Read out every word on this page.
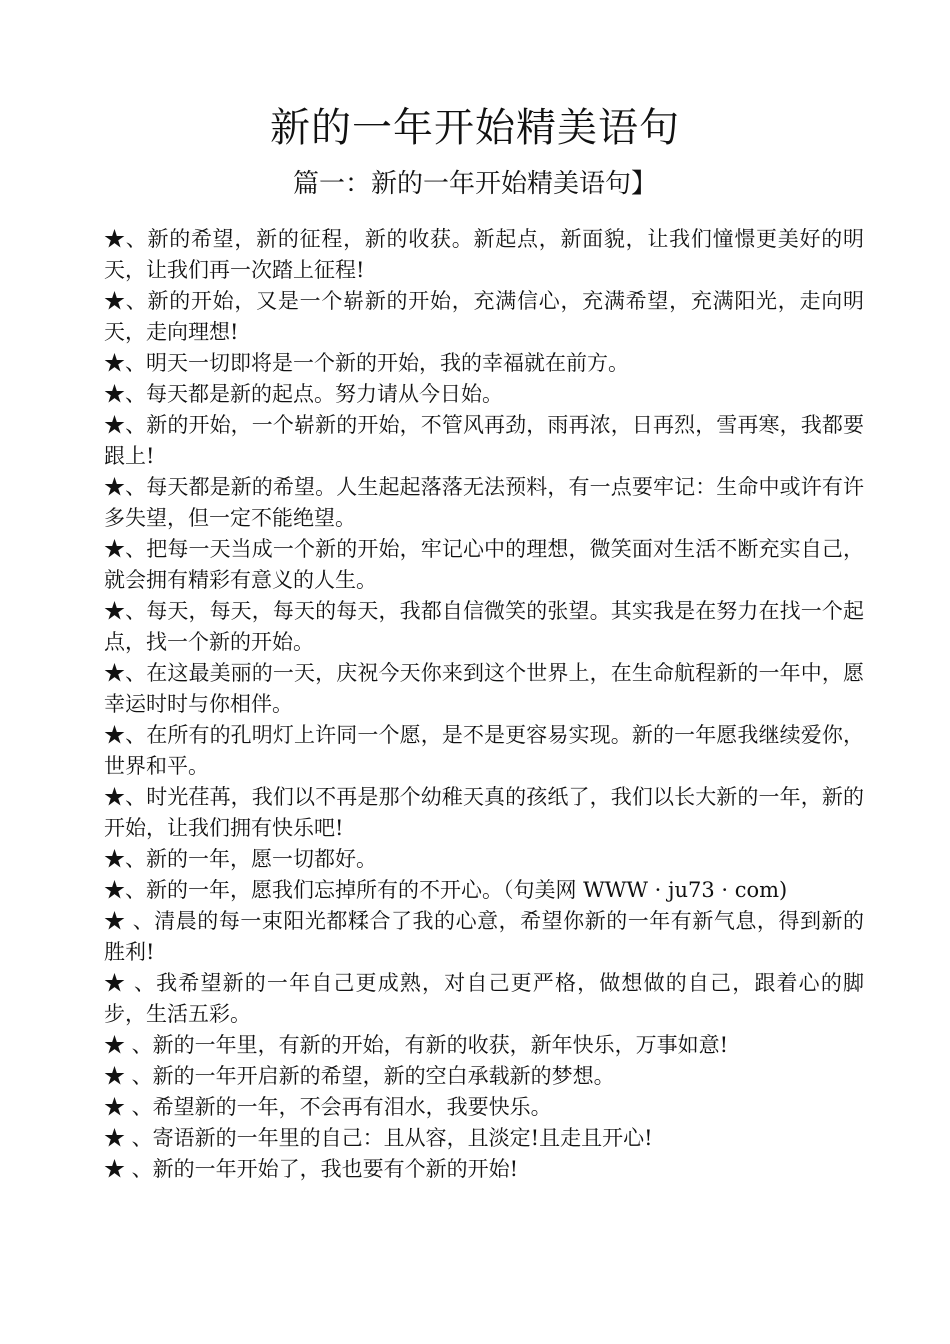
新的一年开始精美语句
篇一：新的一年开始精美语句】

★、新的希望，新的征程，新的收获。新起点，新面貌，让我们憧憬更美好的明天，让我们再一次踏上征程!

★、新的开始，又是一个崭新的开始，充满信心，充满希望，充满阳光，走向明天，走向理想!

★、明天一切即将是一个新的开始，我的幸福就在前方。

★、每天都是新的起点。努力请从今日始。

★、新的开始，一个崭新的开始，不管风再劲，雨再浓，日再烈，雪再寒，我都要跟上!

★、每天都是新的希望。人生起起落落无法预料，有一点要牢记：生命中或许有许多失望，但一定不能绝望。

★、把每一天当成一个新的开始，牢记心中的理想，微笑面对生活不断充实自己，就会拥有精彩有意义的人生。

★、每天，每天，每天的每天，我都自信微笑的张望。其实我是在努力在找一个起点，找一个新的开始。

★、在这最美丽的一天，庆祝今天你来到这个世界上，在生命航程新的一年中，愿幸运时时与你相伴。

★、在所有的孔明灯上许同一个愿，是不是更容易实现。新的一年愿我继续爱你，世界和平。

★、时光荏苒，我们以不再是那个幼稚天真的孩纸了，我们以长大新的一年，新的开始，让我们拥有快乐吧!

★、新的一年，愿一切都好。

★、新的一年，愿我们忘掉所有的不开心。（句美网 WWW · ju73 · com)

★ 、清晨的每一束阳光都糅合了我的心意，希望你新的一年有新气息，得到新的胜利!

★ 、我希望新的一年自己更成熟，对自己更严格，做想做的自己，跟着心的脚步，生活五彩。

★ 、新的一年里，有新的开始，有新的收获，新年快乐，万事如意!

★ 、新的一年开启新的希望，新的空白承载新的梦想。

★ 、希望新的一年，不会再有泪水，我要快乐。

★ 、寄语新的一年里的自己：且从容，且淡定!且走且开心!

★ 、新的一年开始了，我也要有个新的开始!
